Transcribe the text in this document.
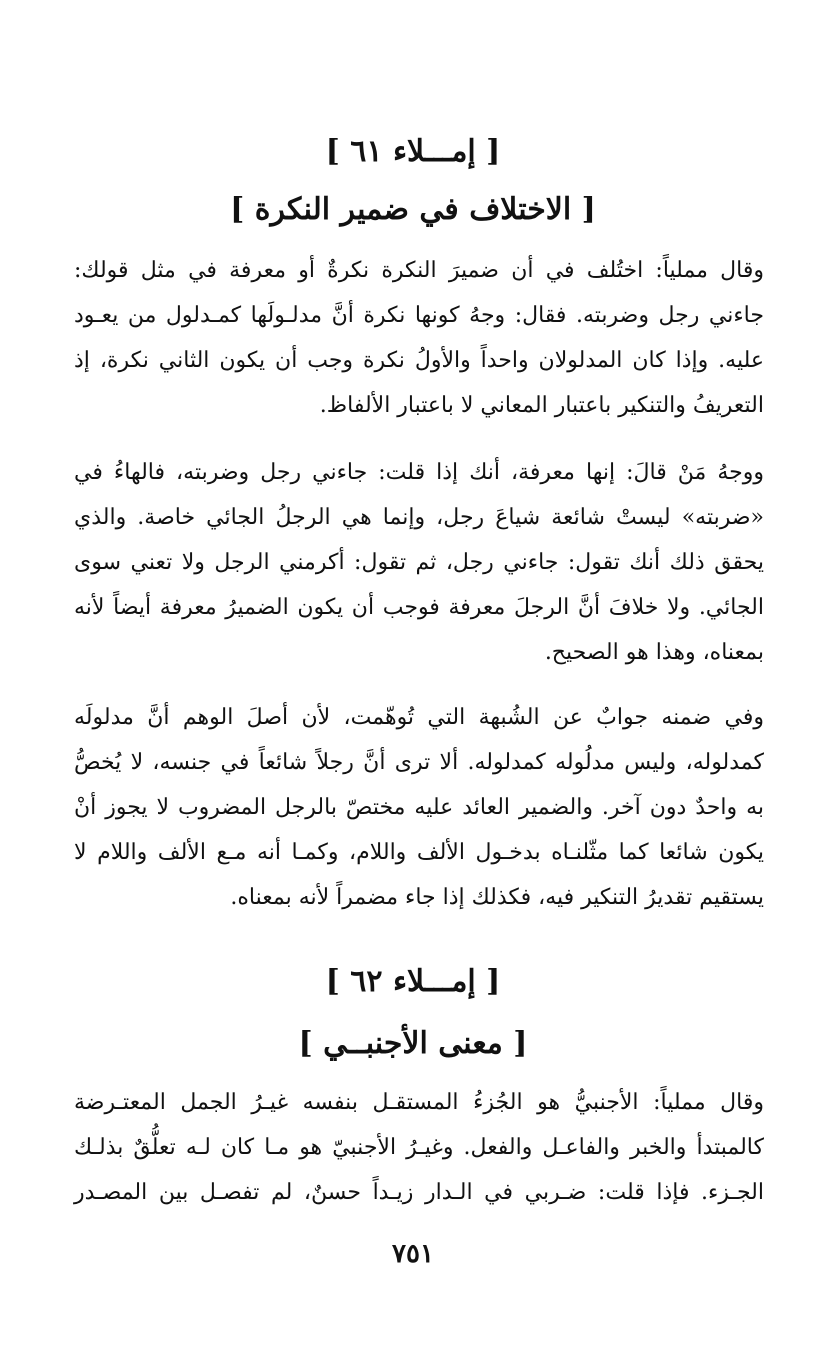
[ إمـــلاء ٦١ ]
[ الاختلاف في ضمير النكرة ]
وقال مملياً: اختُلف في أن ضميرَ النكرة نكرةٌ أو معرفة في مثل قولك:
جاءني رجل وضربته. فقال: وجهُ كونها نكرة أنَّ مدلـولَها كمـدلول من يعـود
عليه. وإذا كان المدلولان واحداً والأولُ نكرة وجب أن يكون الثاني نكرة، إذ
التعريفُ والتنكير باعتبار المعاني لا باعتبار الألفاظ.
ووجهُ مَنْ قالَ: إنها معرفة، أنك إذا قلت: جاءني رجل وضربته، فالهاءُ في
«ضربته» ليستْ شائعة شياعَ رجل، وإنما هي الرجلُ الجائي خاصة. والذي
يحقق ذلك أنك تقول: جاءني رجل، ثم تقول: أكرمني الرجل ولا تعني سوى
الجائي. ولا خلافَ أنَّ الرجلَ معرفة فوجب أن يكون الضميرُ معرفة أيضاً لأنه
بمعناه، وهذا هو الصحيح.
وفي ضمنه جوابٌ عن الشُبهة التي تُوهّمت، لأن أصلَ الوهم أنَّ مدلولَه
كمدلوله، وليس مدلُوله كمدلوله. ألا ترى أنَّ رجلاً شائعاً في جنسه، لا يُخصُّ
به واحدٌ دون آخر. والضمير العائد عليه مختصّ بالرجل المضروب لا يجوز أنْ
يكون شائعا كما مثّلنـاه بدخـول الألف واللام، وكمـا أنه مـع الألف واللام لا
يستقيم تقديرُ التنكير فيه، فكذلك إذا جاء مضمراً لأنه بمعناه.
[ إمـــلاء ٦٢ ]
[ معنى الأجنبــي ]
وقال مملياً: الأجنبيُّ هو الجُزءُ المستقـل بنفسه غيـرُ الجمل المعتـرضة
كالمبتدأ والخبر والفاعـل والفعل. وغيـرُ الأجنبيّ هو مـا كان لـه تعلُّقٌ بذلـك
الجـزء. فإذا قلت: ضـربي في الـدار زيـداً حسنٌ، لم تفصـل بين المصـدر
٧٥١
